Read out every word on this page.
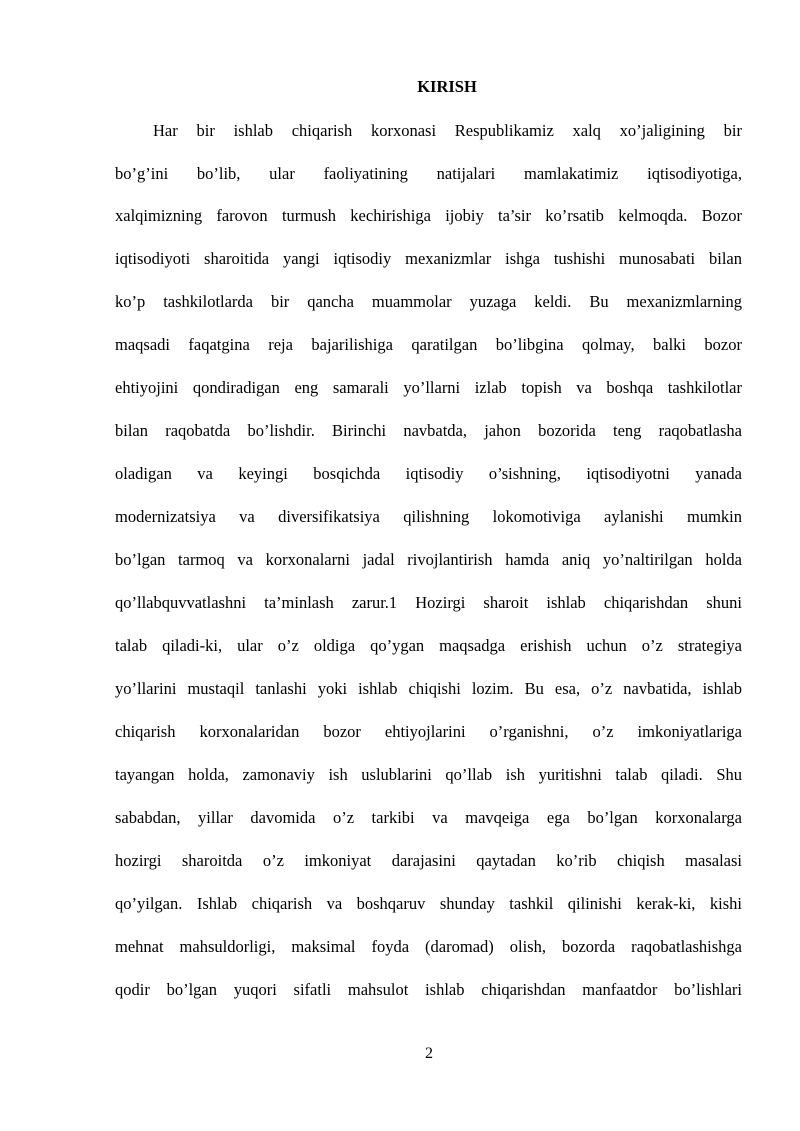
KIRISH
Har bir ishlab chiqarish korxonasi Respublikamiz xalq xo’jaligining bir
bo’g’ini bo’lib, ular faoliyatining natijalari mamlakatimiz iqtisodiyotiga,
xalqimizning farovon turmush kechirishiga ijobiy ta’sir ko’rsatib kelmoqda. Bozor
iqtisodiyoti sharoitida yangi iqtisodiy mexanizmlar ishga tushishi munosabati bilan
ko’p tashkilotlarda bir qancha muammolar yuzaga keldi. Bu mexanizmlarning
maqsadi faqatgina reja bajarilishiga qaratilgan bo’libgina qolmay, balki bozor
ehtiyojini qondiradigan eng samarali yo’llarni izlab topish va boshqa tashkilotlar
bilan raqobatda bo’lishdir. Birinchi navbatda, jahon bozorida teng raqobatlasha
oladigan va keyingi bosqichda iqtisodiy o’sishning, iqtisodiyotni yanada
modernizatsiya va diversifikatsiya qilishning lokomotiviga aylanishi mumkin
bo’lgan tarmoq va korxonalarni jadal rivojlantirish hamda aniq yo’naltirilgan holda
qo’llabquvvatlashni ta’minlash zarur.1 Hozirgi sharoit ishlab chiqarishdan shuni
talab qiladi-ki, ular o’z oldiga qo’ygan maqsadga erishish uchun o’z strategiya
yo’llarini mustaqil tanlashi yoki ishlab chiqishi lozim. Bu esa, o’z navbatida, ishlab
chiqarish korxonalaridan bozor ehtiyojlarini o’rganishni, o’z imkoniyatlariga
tayangan holda, zamonaviy ish uslublarini qo’llab ish yuritishni talab qiladi. Shu
sababdan, yillar davomida o’z tarkibi va mavqeiga ega bo’lgan korxonalarga
hozirgi sharoitda o’z imkoniyat darajasini qaytadan ko’rib chiqish masalasi
qo’yilgan. Ishlab chiqarish va boshqaruv shunday tashkil qilinishi kerak-ki, kishi
mehnat mahsuldorligi, maksimal foyda (daromad) olish, bozorda raqobatlashishga
qodir bo’lgan yuqori sifatli mahsulot ishlab chiqarishdan manfaatdor bo’lishlari
2
